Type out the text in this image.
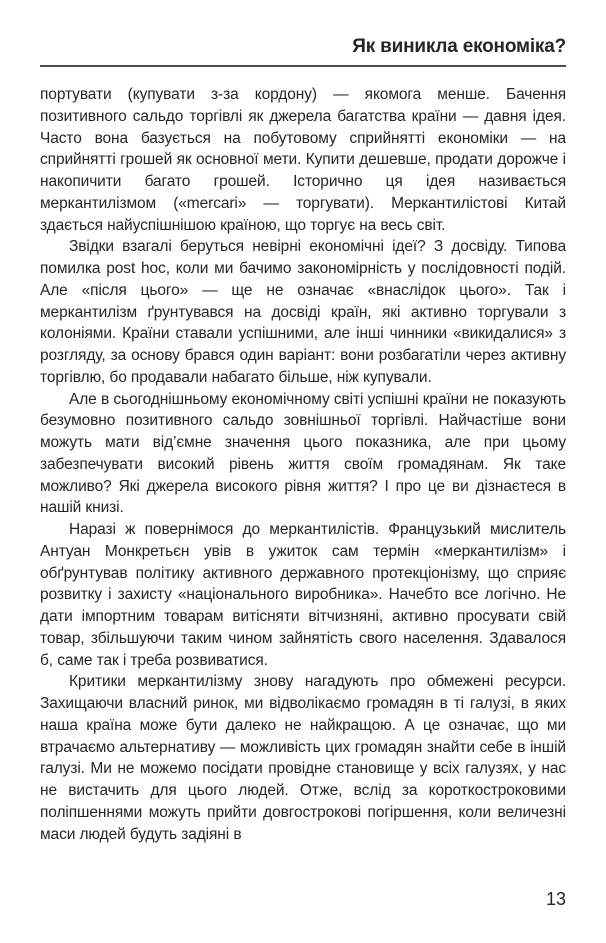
Як виникла економіка?

портувати (купувати з-за кордону) — якомога менше. Бачення позитивного сальдо торгівлі як джерела багатства країни — давня ідея. Часто вона базується на побутовому сприйнятті економіки — на сприйнятті грошей як основної мети. Купити дешевше, продати дорожче і накопичити багато грошей. Історично ця ідея називається меркантилізмом («mercari» — торгувати). Меркантилістові Китай здається найуспішнішою країною, що торгує на весь світ.

Звідки взагалі беруться невірні економічні ідеї? З досвіду. Типова помилка post hoc, коли ми бачимо закономірність у послідовності подій. Але «після цього» — ще не означає «внаслідок цього». Так і меркантилізм ґрунтувався на досвіді країн, які активно торгували з колоніями. Країни ставали успішними, але інші чинники «викидалися» з розгляду, за основу брався один варіант: вони розбагатіли через активну торгівлю, бо продавали набагато більше, ніж купували.

Але в сьогоднішньому економічному світі успішні країни не показують безумовно позитивного сальдо зовнішньої торгівлі. Найчастіше вони можуть мати від’ємне значення цього показника, але при цьому забезпечувати високий рівень життя своїм громадянам. Як таке можливо? Які джерела високого рівня життя? І про це ви дізнаєтеся в нашій книзі.

Наразі ж повернімося до меркантилістів. Французький мислитель Антуан Монкретьєн увів в ужиток сам термін «меркантилізм» і обґрунтував політику активного державного протекціонізму, що сприяє розвитку і захисту «національного виробника». Начебто все логічно. Не дати імпортним товарам витісняти вітчизняні, активно просувати свій товар, збільшуючи таким чином зайнятість свого населення. Здавалося б, саме так і треба розвиватися.

Критики меркантилізму знову нагадують про обмежені ресурси. Захищаючи власний ринок, ми відволікаємо громадян в ті галузі, в яких наша країна може бути далеко не найкращою. А це означає, що ми втрачаємо альтернативу — можливість цих громадян знайти себе в іншій галузі. Ми не можемо посідати провідне становище у всіх галузях, у нас не вистачить для цього людей. Отже, вслід за короткостроковими поліпшеннями можуть прийти довгострокові погіршення, коли величезні маси людей будуть задіяні в

13
